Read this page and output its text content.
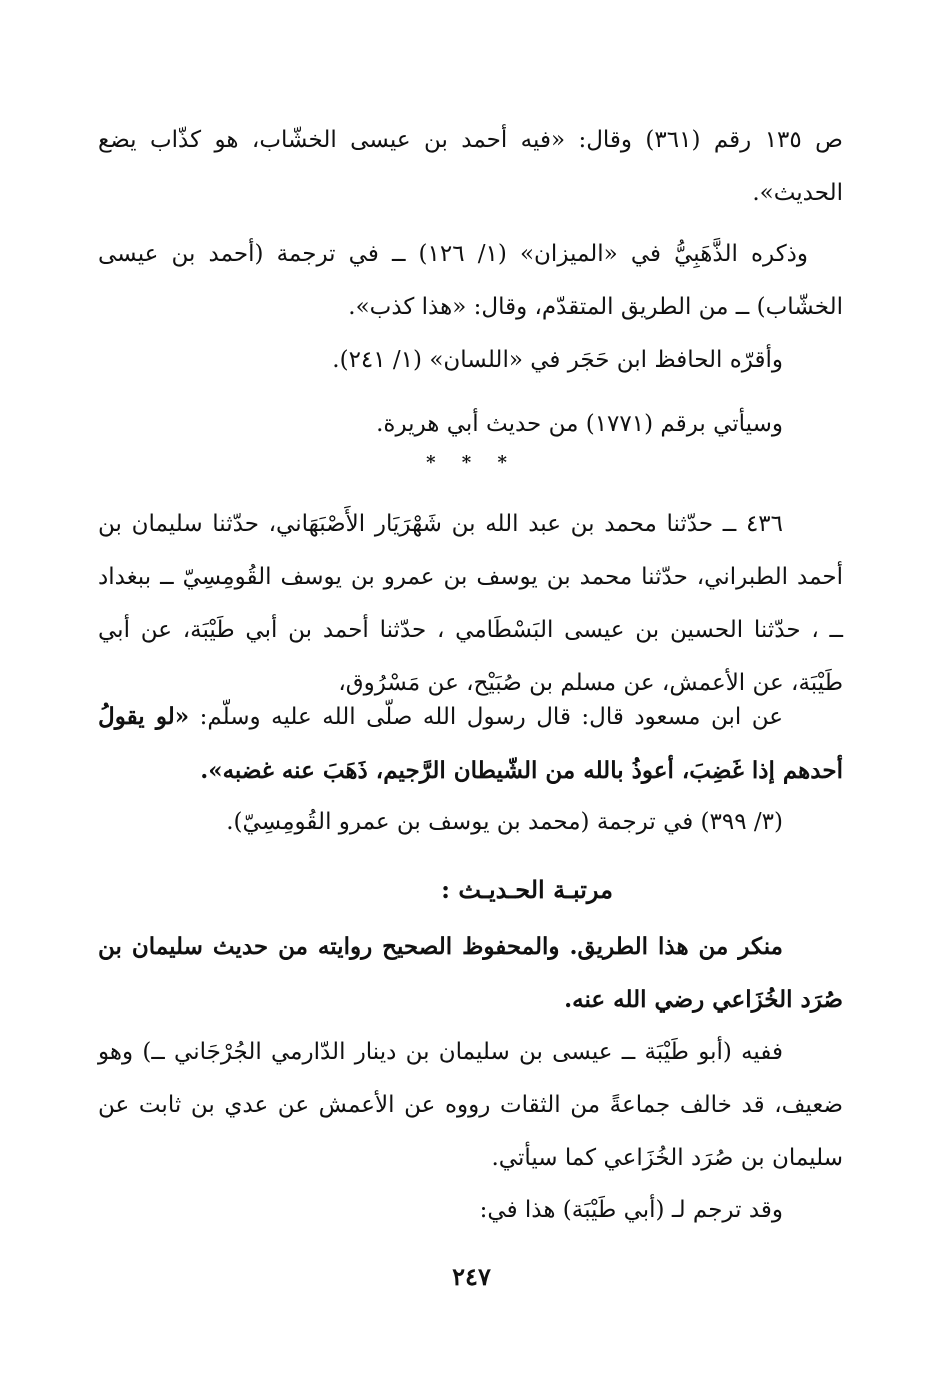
ص ١٣٥ رقم (٣٦١) وقال: «فيه أحمد بن عيسى الخشّاب، هو كذّاب يضع الحديث».

وذكره الذَّهَبِيُّ في «الميزان» (١/ ١٢٦) ــ في ترجمة (أحمد بن عيسى الخشّاب) ــ من الطريق المتقدّم، وقال: «هذا كذب».

وأقرّه الحافظ ابن حَجَر في «اللسان» (١/ ٢٤١).

وسيأتي برقم (١٧٧١) من حديث أبي هريرة.

* * *

٤٣٦ ــ حدّثنا محمد بن عبد الله بن شَهْرَيَار الأَصْبَهَاني، حدّثنا سليمان بن أحمد الطبراني، حدّثنا محمد بن يوسف بن عمرو بن يوسف القُومِسِيّ ــ ببغداد ــ ، حدّثنا الحسين بن عيسى البَسْطَامي ، حدّثنا أحمد بن أبي طَيْبَة، عن أبي طَيْبَة، عن الأعمش، عن مسلم بن صُبَيْح، عن مَسْرُوق،

عن ابن مسعود قال: قال رسول الله صلّى الله عليه وسلّم: «لو يقولُ أحدهم إذا غَضِبَ، أعوذُ بالله من الشّيطان الرَّجيم، ذَهَبَ عنه غضبه».

(٣/ ٣٩٩) في ترجمة (محمد بن يوسف بن عمرو القُومِسِيّ).

مرتبـة الحـديـث :

منكر من هذا الطريق. والمحفوظ الصحيح روايته من حديث سليمان بن صُرَد الخُزَاعي رضي الله عنه.

ففيه (أبو طَيْبَة ــ عيسى بن سليمان بن دينار الدّارمي الجُرْجَاني ــ) وهو ضعيف، قد خالف جماعةً من الثقات رووه عن الأعمش عن عدي بن ثابت عن سليمان بن صُرَد الخُزَاعي كما سيأتي.

وقد ترجم لـ (أبي طَيْبَة) هذا في:

٢٤٧
